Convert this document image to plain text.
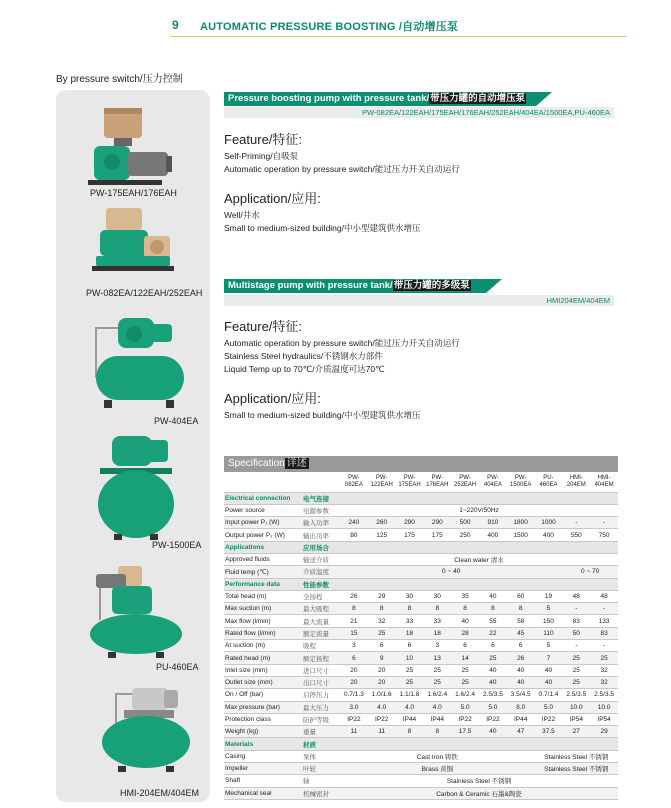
9 AUTOMATIC PRESSURE BOOSTING /自动增压泵
By pressure switch/压力控制
PW-175EAH/176EAH
PW-082EA/122EAH/252EAH
PW-404EA
PW-1500EA
PU-460EA
HMI-204EM/404EM
Pressure boosting pump with pressure tank/带压力罐的自动增压泵
PW-082EA/122EAH/175EAH/176EAH/252EAH/404EA/1500EA,PU-460EA
Feature/特征:
Self-Priming/自吸泵
Automatic operation by pressure switch/能过压力开关自动运行
Application/应用:
Well/井水
Small to medium-sized building/中小型建筑供水增压
Multistage pump with pressure tank/带压力罐的多级泵
HMI204EM/404EM
Feature/特征:
Automatic operation by pressure switch/能过压力开关自动运行
Stainless Steel hydraulics/不锈钢水力部件
Liquid Temp up to 70℃/介质温度可达70℃
Application/应用:
Small to medium-sized building/中小型建筑供水增压
Specification 详述
		PW-082EA	PW-122EAH	PW-175EAH	PW-176EAH	PW-252EAH	PW-404EA	PW-1500EA	PU-460EA	HMI-204EM	HMI-404EM
Electrical connection	电气连接										
Power source	电源参数	1~220V/50Hz									
Input power P₁ (W)	输入功率	240	260	290	290	500	910	1800	1000	-	-
Output power P₂ (W)	输出功率	80	125	175	175	250	400	1500	400	550	750
Applications	应用场合										
Approved fluids	输送介质	Clean water 清水									
Fluid temp (℃)	介质温度	0 ~ 40								0 ~ 70	
Performance data	性能参数										
Total head (m)	全扬程	26	29	30	30	35	40	60	19	48	48
Max suction (m)	最大吸程	8	8	8	8	8	8	8	5	-	-
Max flow (l/min)	最大流量	21	32	33	33	40	55	58	150	83	133
Rated flow (l/min)	额定流量	15	25	18	18	28	22	45	110	50	83
At suction (m)	吸程	3	6	6	3	6	6	6	5	-	-
Rated head (m)	额定扬程	6	9	10	13	14	25	26	7	25	25
Inlet size (mm)	进口尺寸	20	20	25	25	25	40	40	40	25	32
Outlet size (mm)	出口尺寸	20	20	25	25	25	40	40	40	25	32
On / Off (bar)	启停压力	0.7/1.3	1.0/1.6	1.1/1.8	1.6/2.4	1.6/2.4	2.5/3.5	3.5/4.5	0.7/1.4	2.5/3.5	2.5/3.5
Max pressure (bar)	最大压力	3.0	4.0	4.0	4.0	5.0	5.0	8.0	5.0	10.0	10.0
Protection class	防护等级	IP22	IP22	IP44	IP44	IP22	IP22	IP44	IP22	IP54	IP54
Weight (kg)	重量	11	11	8	8	17.5	40	47	37.5	27	29
Materials	材质										
Casing	泵体	Cast Iron 铸铁							Stainless Steel 不锈钢		
Impeller	叶轮	Brass 黄铜							Stainless Steel 不锈钢		
Shaft	轴	Stainless Steel 不锈钢									
Mechanical seal	机械密封	Carbon & Ceramic 石墨&陶瓷									
